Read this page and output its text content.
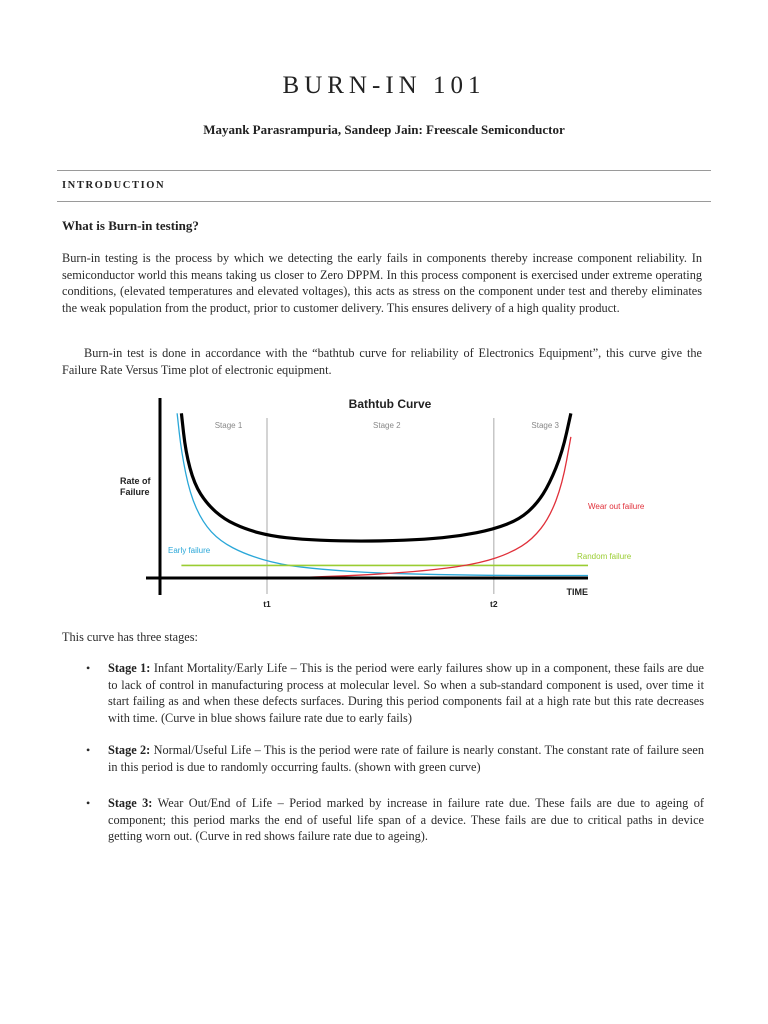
BURN-IN 101
Mayank Parasrampuria, Sandeep Jain: Freescale Semiconductor
INTRODUCTION
What is Burn-in testing?

Burn-in testing is the process by which we detecting the early fails in components thereby increase component reliability. In semiconductor world this means taking us closer to Zero DPPM. In this process component is exercised under extreme operating conditions, (elevated temperatures and elevated voltages), this acts as stress on the component under test and thereby eliminates the weak population from the product, prior to customer delivery. This ensures delivery of a high quality product.

Burn-in test is done in accordance with the “bathtub curve for reliability of Electronics Equipment”, this curve give the Failure Rate Versus Time plot of electronic equipment.

Stage 1	Stage 2	Stage 3
t1	t2
Early failure
Random failure
Wear out failure
Bathtub Curve
Rate of
Failure
TIME
This curve has three stages:
• Stage 1: Infant Mortality/Early Life – This is the period were early failures show up in a component, these fails are due to lack of control in manufacturing process at molecular level. So when a sub-standard component is used, over time it start failing as and when these defects surfaces. During this period components fail at a high rate but this rate decreases with time. (Curve in blue shows failure rate due to early fails)
• Stage 2: Normal/Useful Life – This is the period were rate of failure is nearly constant. The constant rate of failure seen in this period is due to randomly occurring faults. (shown with green curve)
• Stage 3: Wear Out/End of Life – Period marked by increase in failure rate due. These fails are due to ageing of component; this period marks the end of useful life span of a device. These fails are due to critical paths in device getting worn out. (Curve in red shows failure rate due to ageing).
